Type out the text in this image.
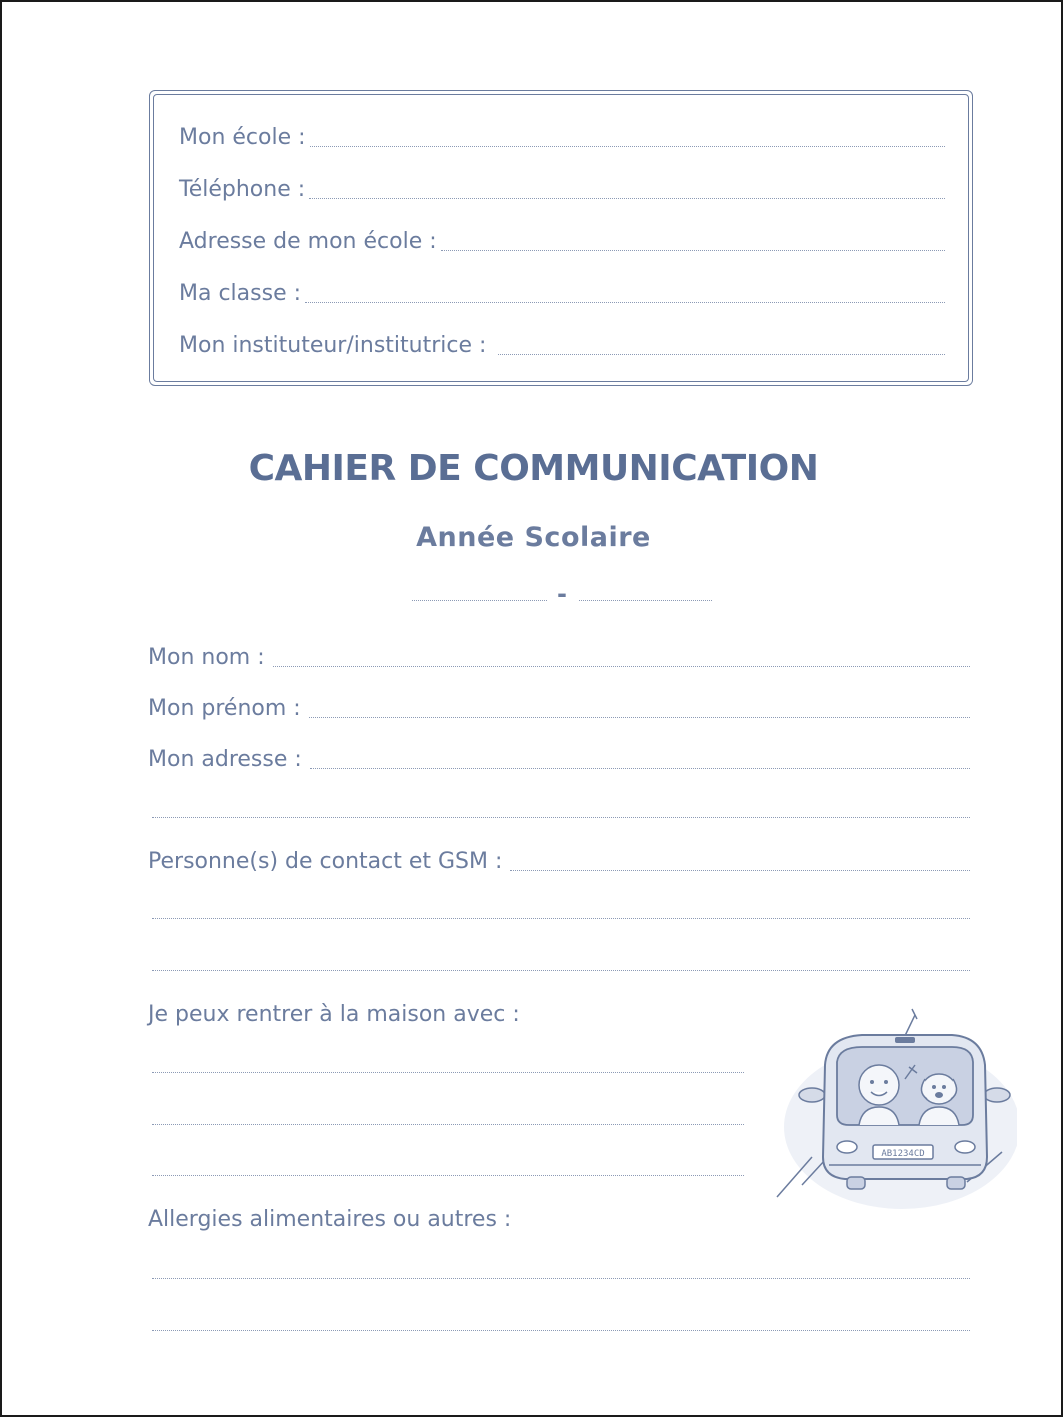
Mon école :
Téléphone :
Adresse de mon école :
Ma classe :
Mon instituteur/institutrice :
CAHIER DE COMMUNICATION
Année Scolaire
-
Mon nom :
Mon prénom :
Mon adresse :
Personne(s) de contact et GSM :
Je peux rentrer à la maison avec :
Allergies alimentaires ou autres :
AB1234CD
